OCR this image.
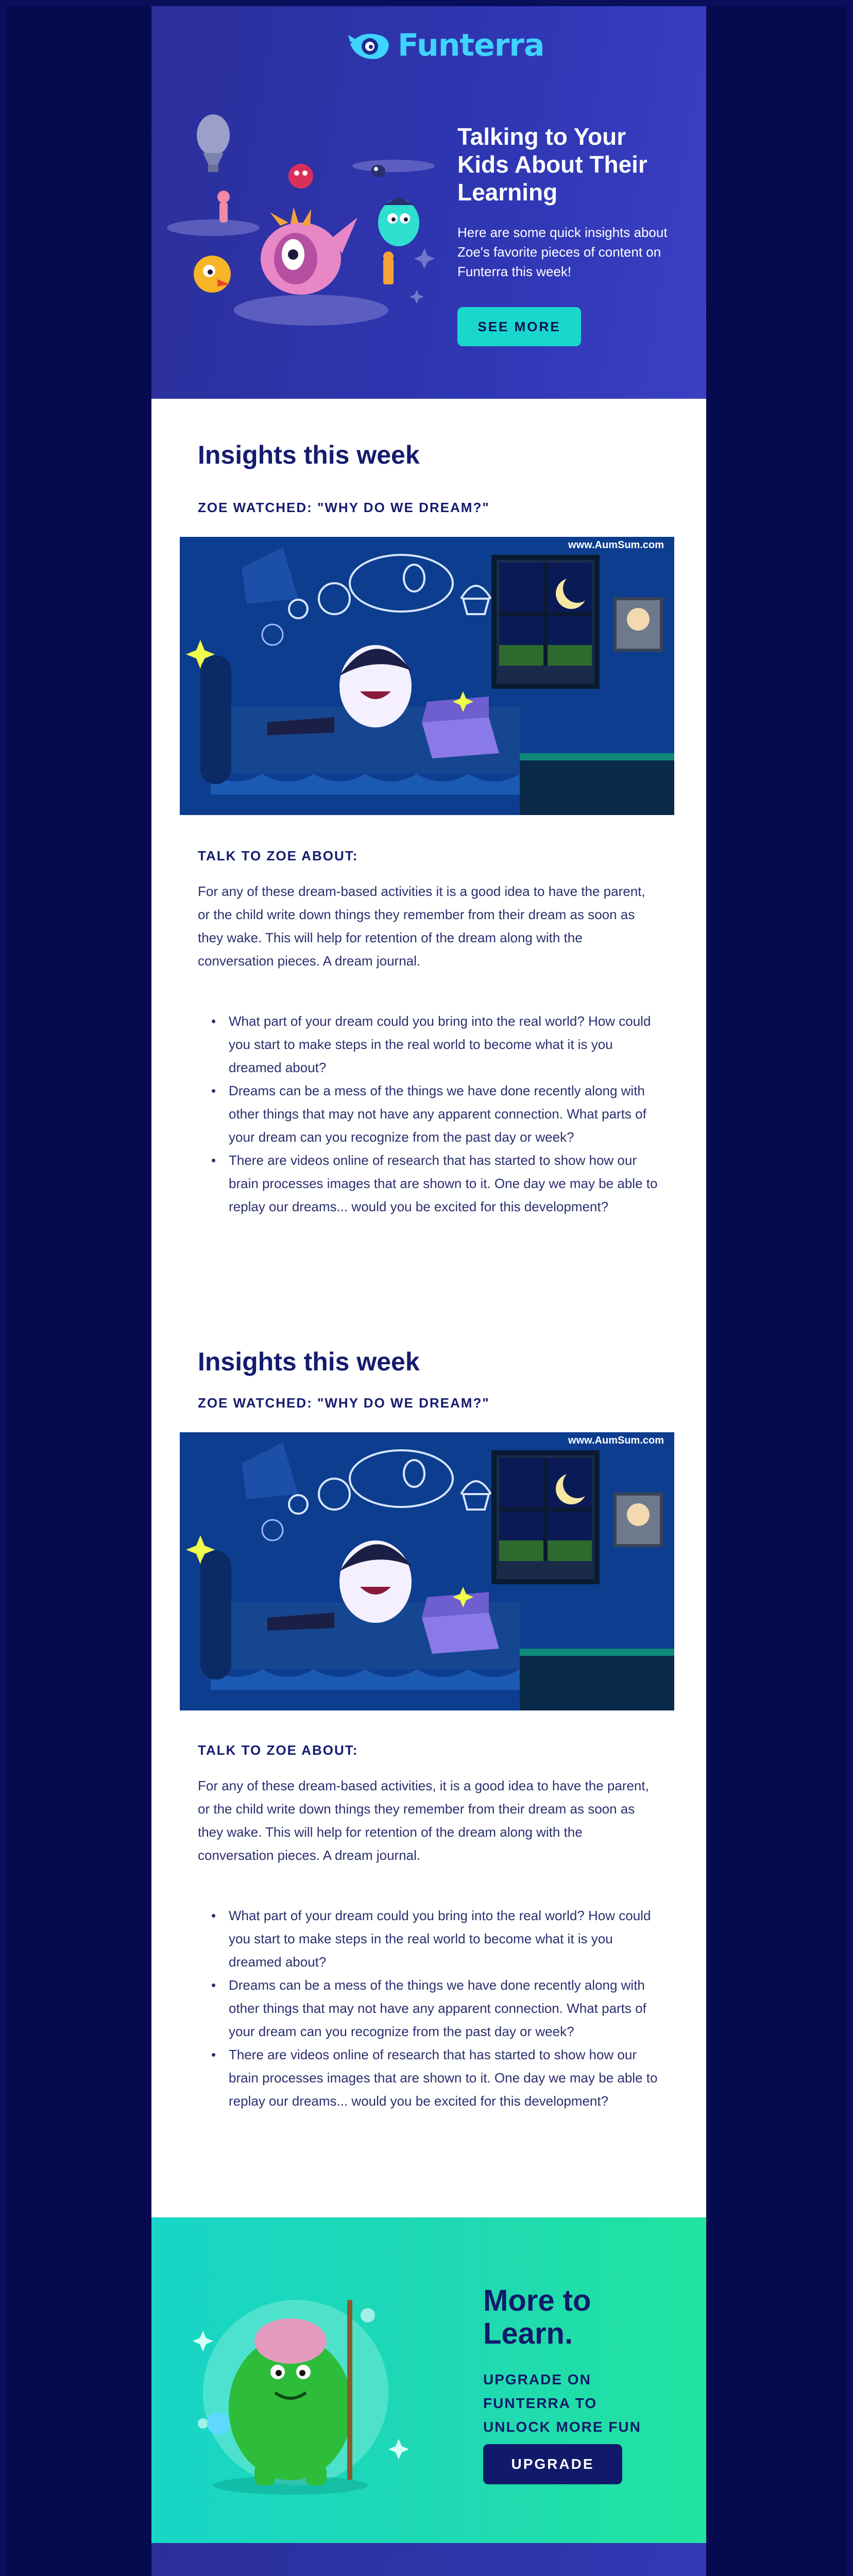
Funterra
Talking to Your Kids About Their Learning
Here are some quick insights about Zoe's favorite pieces of content on Funterra this week!
SEE MORE
Insights this week
ZOE WATCHED: "WHY DO WE DREAM?"
www.AumSum.com
TALK TO ZOE ABOUT:
For any of these dream-based activities it is a good idea to have the parent, or the child write down things they remember from their dream as soon as they wake. This will help for retention of the dream along with the conversation pieces. A dream journal.
• What part of your dream could you bring into the real world? How could you start to make steps in the real world to become what it is you dreamed about?
• Dreams can be a mess of the things we have done recently along with other things that may not have any apparent connection. What parts of your dream can you recognize from the past day or week?
• There are videos online of research that has started to show how our brain processes images that are shown to it. One day we may be able to replay our dreams... would you be excited for this development?
Insights this week
ZOE WATCHED: "WHY DO WE DREAM?"
www.AumSum.com
TALK TO ZOE ABOUT:
For any of these dream-based activities, it is a good idea to have the parent, or the child write down things they remember from their dream as soon as they wake. This will help for retention of the dream along with the conversation pieces. A dream journal.
• What part of your dream could you bring into the real world? How could you start to make steps in the real world to become what it is you dreamed about?
• Dreams can be a mess of the things we have done recently along with other things that may not have any apparent connection. What parts of your dream can you recognize from the past day or week?
• There are videos online of research that has started to show how our brain processes images that are shown to it. One day we may be able to replay our dreams... would you be excited for this development?
More to
Learn.
UPGRADE ON FUNTERRA TO UNLOCK MORE FUN
UPGRADE
